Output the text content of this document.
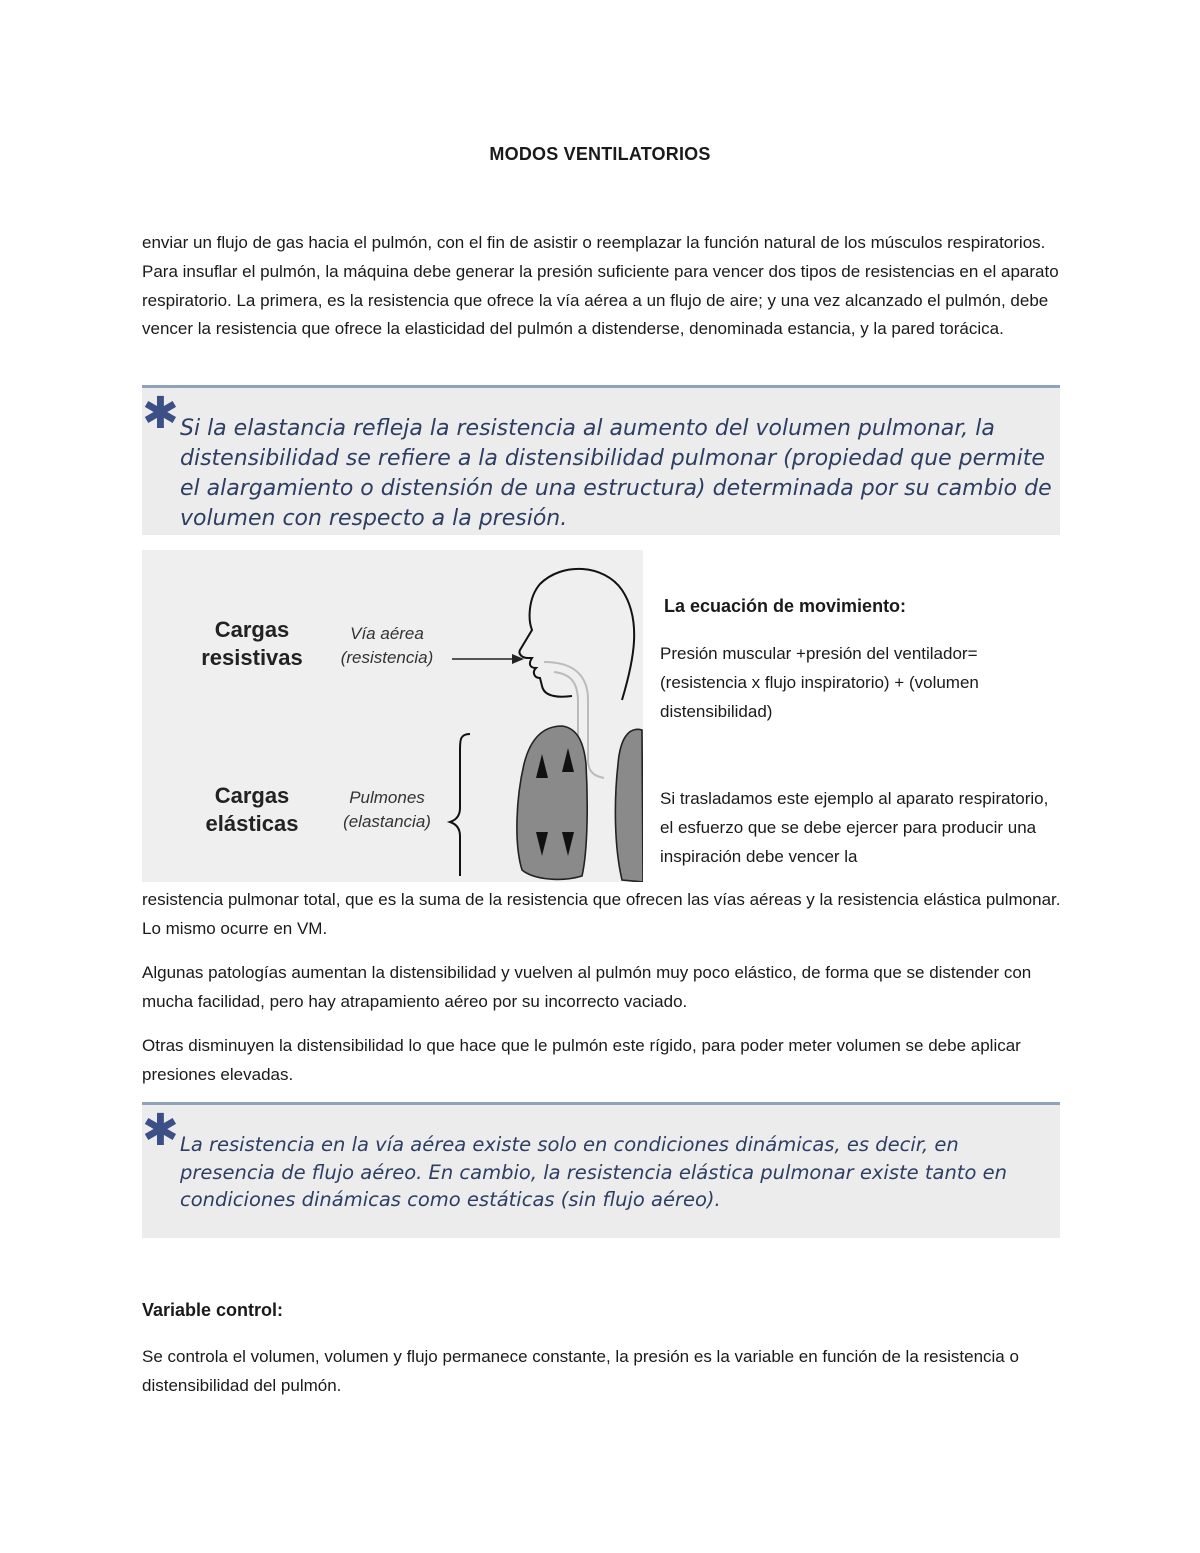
MODOS VENTILATORIOS

enviar un flujo de gas hacia el pulmón, con el fin de asistir o reemplazar la función natural de los músculos respiratorios. Para insuflar el pulmón, la máquina debe generar la presión suficiente para vencer dos tipos de resistencias en el aparato respiratorio. La primera, es la resistencia que ofrece la vía aérea a un flujo de aire; y una vez alcanzado el pulmón, debe vencer la resistencia que ofrece la elasticidad del pulmón a distenderse, denominada estancia, y la pared torácica.

✱ Si la elastancia refleja la resistencia al aumento del volumen pulmonar, la distensibilidad se refiere a la distensibilidad pulmonar (propiedad que permite el alargamiento o distensión de una estructura) determinada por su cambio de volumen con respecto a la presión.

Cargas
resistivas
Vía aérea
(resistencia)
Cargas
elásticas
Pulmones
(elastancia)

La ecuación de movimiento:

Presión muscular +presión del ventilador= (resistencia x flujo inspiratorio) + (volumen distensibilidad)

Si trasladamos este ejemplo al aparato respiratorio, el esfuerzo que se debe ejercer para producir una inspiración debe vencer la

resistencia pulmonar total, que es la suma de la resistencia que ofrecen las vías aéreas y la resistencia elástica pulmonar. Lo mismo ocurre en VM.

Algunas patologías aumentan la distensibilidad y vuelven al pulmón muy poco elástico, de forma que se distender con mucha facilidad, pero hay atrapamiento aéreo por su incorrecto vaciado.

Otras disminuyen la distensibilidad lo que hace que le pulmón este rígido, para poder meter volumen se debe aplicar presiones elevadas.

✱ La resistencia en la vía aérea existe solo en condiciones dinámicas, es decir, en presencia de flujo aéreo. En cambio, la resistencia elástica pulmonar existe tanto en condiciones dinámicas como estáticas (sin flujo aéreo).

Variable control:

Se controla el volumen, volumen y flujo permanece constante, la presión es la variable en función de la resistencia o distensibilidad del pulmón.
